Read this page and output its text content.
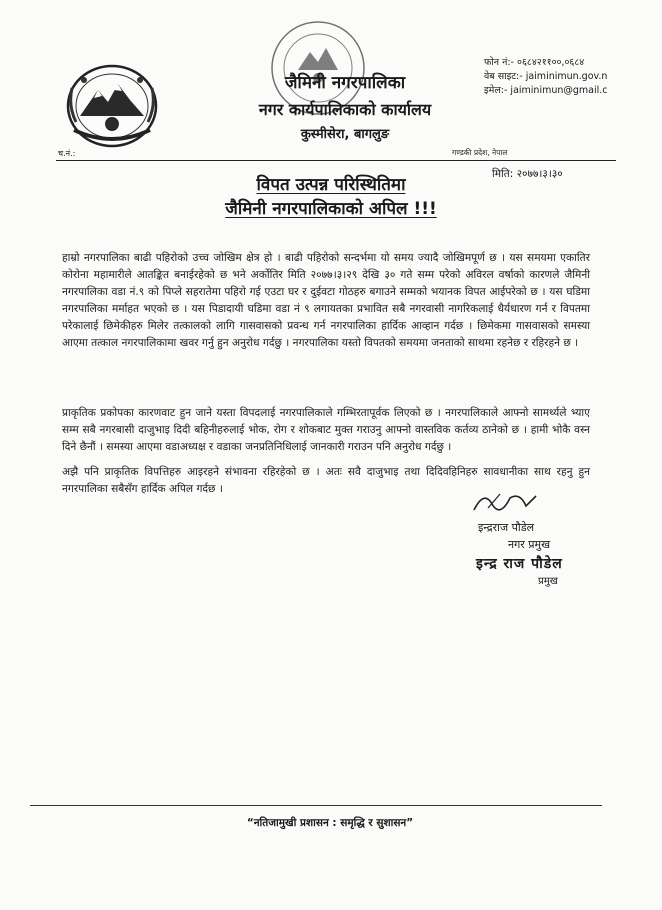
जैमिनी नगरपालिका
नगर कार्यपालिकाको कार्यालय
कुस्मीसेरा, बागलुङ
फोन नं:- ०६८४२११००,०६८४
वेब साइट:- jaiminimun.gov.n
इमेल:- jaiminimun@gmail.c
च.नं.:	गण्डकी प्रदेश, नेपाल
मिति: २०७७।३।३०
विपत उत्पन्न परिस्थितिमा
जैमिनी नगरपालिकाको अपिल !!!
हाम्रो नगरपालिका बाढी पहिरोको उच्च जोखिम क्षेत्र हो । बाढी पहिरोको सन्दर्भमा यो समय ज्यादै जोखिमपूर्ण छ । यस समयमा एकातिर कोरोना महामारीले आतङ्कित बनाईरहेको छ भने अर्कोतिर मिति २०७७।३।२९ देखि ३० गते सम्म परेको अविरल वर्षाको कारणले जैमिनी नगरपालिका वडा नं.९ को पिप्ले सहरातेमा पहिरो गई एउटा घर र दुईवटा गोठहरु बगाउने सम्मको भयानक विपत आईपरेको छ । यस घडिमा नगरपालिका मर्माहत भएको छ । यस पिडादायी घडिमा वडा नं ९ लगायतका प्रभावित सबै नगरवासी नागरिकलाई धैर्यधारण गर्न र विपतमा परेकालाई छिमेकीहरु मिलेर तत्कालको लागि गासवासको प्रवन्ध गर्न नगरपालिका हार्दिक आव्हान गर्दछ । छिमेकमा गासवासको समस्या आएमा तत्काल नगरपालिकामा खवर गर्नु हुन अनुरोध गर्दछु । नगरपालिका यस्तो विपतको समयमा जनताको साथमा रहनेछ र रहिरहने छ ।
प्राकृतिक प्रकोपका कारणवाट हुन जाने यस्ता विपदलाई नगरपालिकाले गम्भिरतापूर्वक लिएको छ । नगरपालिकाले आफ्नो सामर्थ्यले भ्याए सम्म सबै नगरबासी दाजुभाइ दिदी बहिनीहरुलाई भोक, रोग र शोकबाट मुक्त गराउनु आफ्नो वास्तविक कर्तव्य ठानेको छ । हामी भोकै वस्न दिने छैनौं । समस्या आएमा वडाअध्यक्ष र वडाका जनप्रतिनिधिलाई जानकारी गराउन पनि अनुरोध गर्दछु ।
अझै पनि प्राकृतिक विपत्तिहरु आइरहने संभावना रहिरहेको छ । अतः सवै दाजुभाइ तथा दिदिवहिनिहरु सावधानीका साथ रहनु हुन नगरपालिका सबैसँग हार्दिक अपिल गर्दछ ।
इन्द्रराज पौडेल
नगर प्रमुख
इन्द्र राज पौडेल
प्रमुख
“नतिजामुखी प्रशासन : समृद्धि र सुशासन”
